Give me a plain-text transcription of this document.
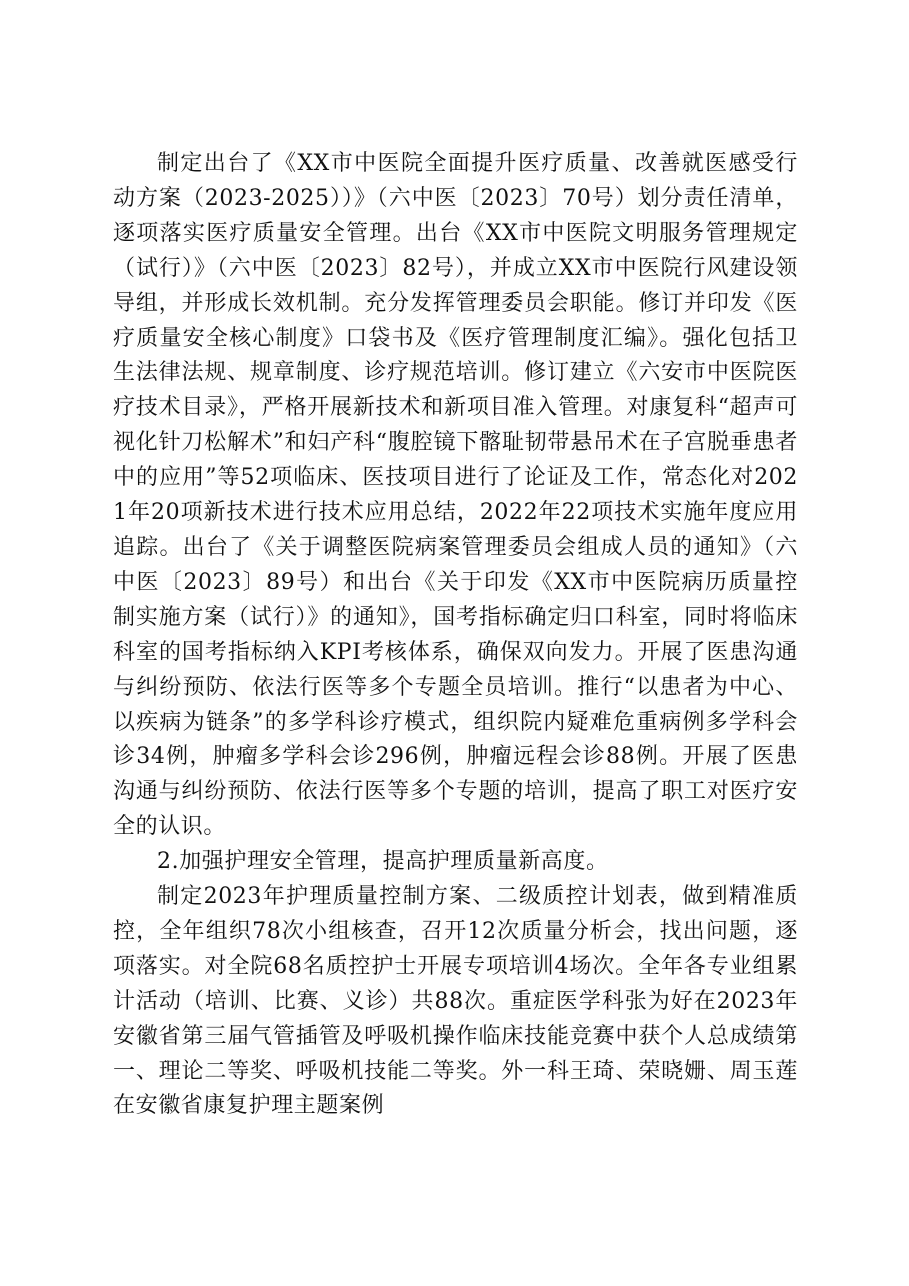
制定出台了《XX市中医院全面提升医疗质量、改善就医感受行动方案（2023-2025））》（六中医〔2023〕70号）划分责任清单，逐项落实医疗质量安全管理。出台《XX市中医院文明服务管理规定（试行）》（六中医〔2023〕82号），并成立XX市中医院行风建设领导组，并形成长效机制。充分发挥管理委员会职能。修订并印发《医疗质量安全核心制度》口袋书及《医疗管理制度汇编》。强化包括卫生法律法规、规章制度、诊疗规范培训。修订建立《六安市中医院医疗技术目录》，严格开展新技术和新项目准入管理。对康复科“超声可视化针刀松解术”和妇产科“腹腔镜下髂耻韧带悬吊术在子宫脱垂患者中的应用”等52项临床、医技项目进行了论证及工作，常态化对2021年20项新技术进行技术应用总结，2022年22项技术实施年度应用追踪。出台了《关于调整医院病案管理委员会组成人员的通知》（六中医〔2023〕89号）和出台《关于印发《XX市中医院病历质量控制实施方案（试行）》的通知》，国考指标确定归口科室，同时将临床科室的国考指标纳入KPI考核体系，确保双向发力。开展了医患沟通与纠纷预防、依法行医等多个专题全员培训。推行“以患者为中心、以疾病为链条”的多学科诊疗模式，组织院内疑难危重病例多学科会诊34例，肿瘤多学科会诊296例，肿瘤远程会诊88例。开展了医患沟通与纠纷预防、依法行医等多个专题的培训，提高了职工对医疗安全的认识。

2.加强护理安全管理，提高护理质量新高度。

制定2023年护理质量控制方案、二级质控计划表，做到精准质控，全年组织78次小组核查，召开12次质量分析会，找出问题，逐项落实。对全院68名质控护士开展专项培训4场次。全年各专业组累计活动（培训、比赛、义诊）共88次。重症医学科张为好在2023年安徽省第三届气管插管及呼吸机操作临床技能竞赛中获个人总成绩第一、理论二等奖、呼吸机技能二等奖。外一科王琦、荣晓姗、周玉莲在安徽省康复护理主题案例
